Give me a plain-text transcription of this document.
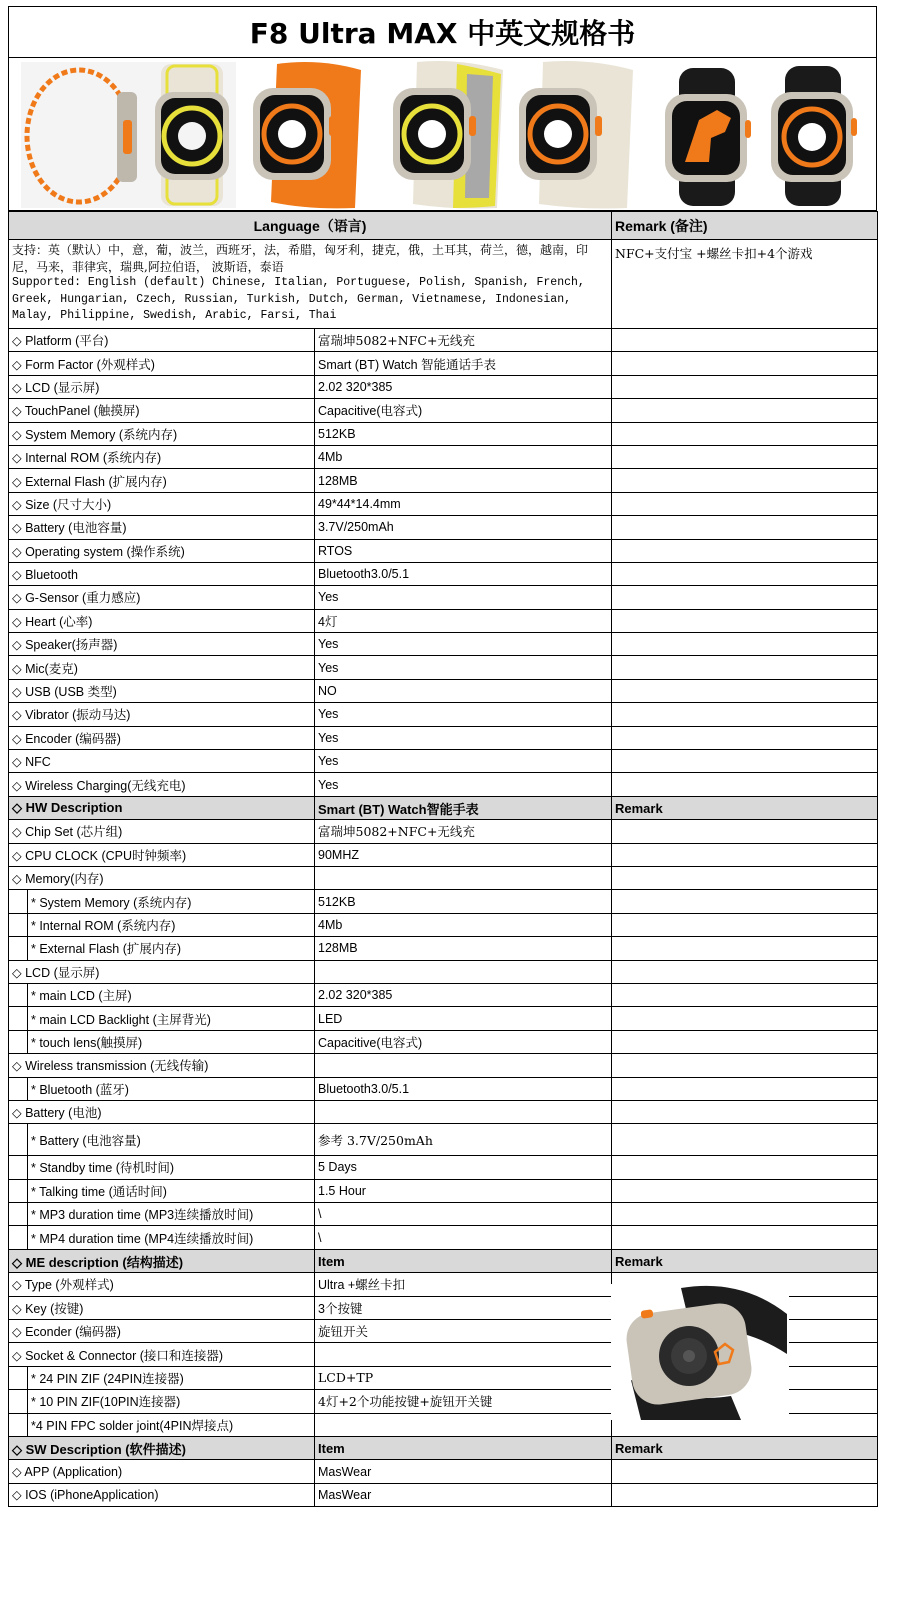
F8 Ultra MAX 中英文规格书
Language（语言)		Remark (备注)

支持：英（默认）中，意，葡，波兰，西班牙，法，希腊，匈牙利，捷克，俄，土耳其，荷兰，德，越南，印尼，马来，菲律宾，瑞典,阿拉伯语， 波斯语，泰语
Supported: English (default) Chinese, Italian, Portuguese, Polish, Spanish, French, Greek, Hungarian, Czech, Russian, Turkish, Dutch, German, Vietnamese, Indonesian, Malay, Philippine, Swedish, Arabic, Farsi, Thai		NFC+支付宝 +螺丝卡扣+4个游戏
◇ Platform (平台)	富瑞坤5082+NFC+无线充	
◇ Form Factor (外观样式)	Smart (BT) Watch 智能通话手表	
◇ LCD (显示屏)	2.02 320*385	
◇ TouchPanel (触摸屏)	Capacitive(电容式)	
◇ System Memory (系统内存)	512KB	
◇ Internal ROM (系统内存)	4Mb	
◇ External Flash (扩展内存)	128MB	
◇ Size (尺寸大小)	49*44*14.4mm	
◇ Battery (电池容量)	3.7V/250mAh	
◇ Operating system (操作系统)	RTOS	
◇ Bluetooth	Bluetooth3.0/5.1	
◇ G-Sensor (重力感应)	Yes	
◇ Heart (心率)	4灯	
◇ Speaker(扬声器)	Yes	
◇ Mic(麦克)	Yes	
◇ USB (USB 类型)	NO	
◇ Vibrator (振动马达)	Yes	
◇ Encoder (编码器)	Yes	
◇ NFC	Yes	
◇ Wireless Charging(无线充电)	Yes	
◇ HW Description	Smart (BT) Watch智能手表	Remark
◇ Chip Set (芯片组)	富瑞坤5082+NFC+无线充	
◇ CPU CLOCK (CPU时钟频率)	90MHZ	
◇ Memory(内存)		
* System Memory (系统内存)	512KB	
* Internal ROM (系统内存)	4Mb	
* External Flash (扩展内存)	128MB	
◇ LCD (显示屏)		
* main LCD (主屏)	2.02 320*385	
* main LCD Backlight (主屏背光)	LED	
* touch lens(触摸屏)	Capacitive(电容式)	
◇ Wireless transmission (无线传输)		
* Bluetooth (蓝牙)	Bluetooth3.0/5.1	
◇ Battery (电池)		
* Battery (电池容量)	参考 3.7V/250mAh	
* Standby time (待机时间)	5 Days	
* Talking time (通话时间)	1.5 Hour	
* MP3 duration time (MP3连续播放时间)	\	
* MP4 duration time (MP4连续播放时间)	\	
◇ ME description (结构描述)	Item	Remark
◇ Type (外观样式)	Ultra +螺丝卡扣	
◇ Key (按键)	3个按键	
◇ Econder (编码器)	旋钮开关	
◇ Socket & Connector (接口和连接器)		
* 24 PIN ZIF (24PIN连接器)	LCD+TP	
* 10 PIN ZIF(10PIN连接器)	4灯+2个功能按键+旋钮开关键	
*4 PIN FPC solder joint(4PIN焊接点)		
◇ SW Description (软件描述)	Item	Remark
◇ APP (Application)	MasWear	
◇ IOS (iPhoneApplication)	MasWear	
